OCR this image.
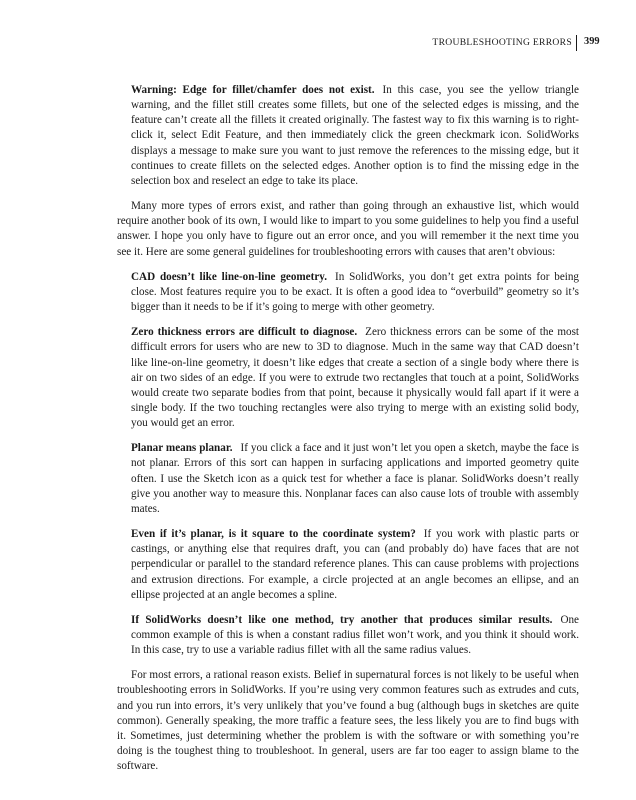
TROUBLESHOOTING ERRORS 399

Warning: Edge for fillet/chamfer does not exist. In this case, you see the yellow triangle warning, and the fillet still creates some fillets, but one of the selected edges is missing, and the feature can’t create all the fillets it created originally. The fastest way to fix this warning is to right-click it, select Edit Feature, and then immediately click the green checkmark icon. SolidWorks displays a message to make sure you want to just remove the references to the missing edge, but it continues to create fillets on the selected edges. Another option is to find the missing edge in the selection box and reselect an edge to take its place.

Many more types of errors exist, and rather than going through an exhaustive list, which would require another book of its own, I would like to impart to you some guidelines to help you find a useful answer. I hope you only have to figure out an error once, and you will remember it the next time you see it. Here are some general guidelines for troubleshooting errors with causes that aren’t obvious:

CAD doesn’t like line-on-line geometry. In SolidWorks, you don’t get extra points for being close. Most features require you to be exact. It is often a good idea to “overbuild” geometry so it’s bigger than it needs to be if it’s going to merge with other geometry.

Zero thickness errors are difficult to diagnose. Zero thickness errors can be some of the most difficult errors for users who are new to 3D to diagnose. Much in the same way that CAD doesn’t like line-on-line geometry, it doesn’t like edges that create a section of a single body where there is air on two sides of an edge. If you were to extrude two rectangles that touch at a point, SolidWorks would create two separate bodies from that point, because it physically would fall apart if it were a single body. If the two touching rectangles were also trying to merge with an existing solid body, you would get an error.

Planar means planar. If you click a face and it just won’t let you open a sketch, maybe the face is not planar. Errors of this sort can happen in surfacing applications and imported geometry quite often. I use the Sketch icon as a quick test for whether a face is planar. SolidWorks doesn’t really give you another way to measure this. Nonplanar faces can also cause lots of trouble with assembly mates.

Even if it’s planar, is it square to the coordinate system? If you work with plastic parts or castings, or anything else that requires draft, you can (and probably do) have faces that are not perpendicular or parallel to the standard reference planes. This can cause problems with projections and extrusion directions. For example, a circle projected at an angle becomes an ellipse, and an ellipse projected at an angle becomes a spline.

If SolidWorks doesn’t like one method, try another that produces similar results. One common example of this is when a constant radius fillet won’t work, and you think it should work. In this case, try to use a variable radius fillet with all the same radius values.

For most errors, a rational reason exists. Belief in supernatural forces is not likely to be useful when troubleshooting errors in SolidWorks. If you’re using very common features such as extrudes and cuts, and you run into errors, it’s very unlikely that you’ve found a bug (although bugs in sketches are quite common). Generally speaking, the more traffic a feature sees, the less likely you are to find bugs with it. Sometimes, just determining whether the problem is with the software or with something you’re doing is the toughest thing to troubleshoot. In general, users are far too eager to assign blame to the software.
